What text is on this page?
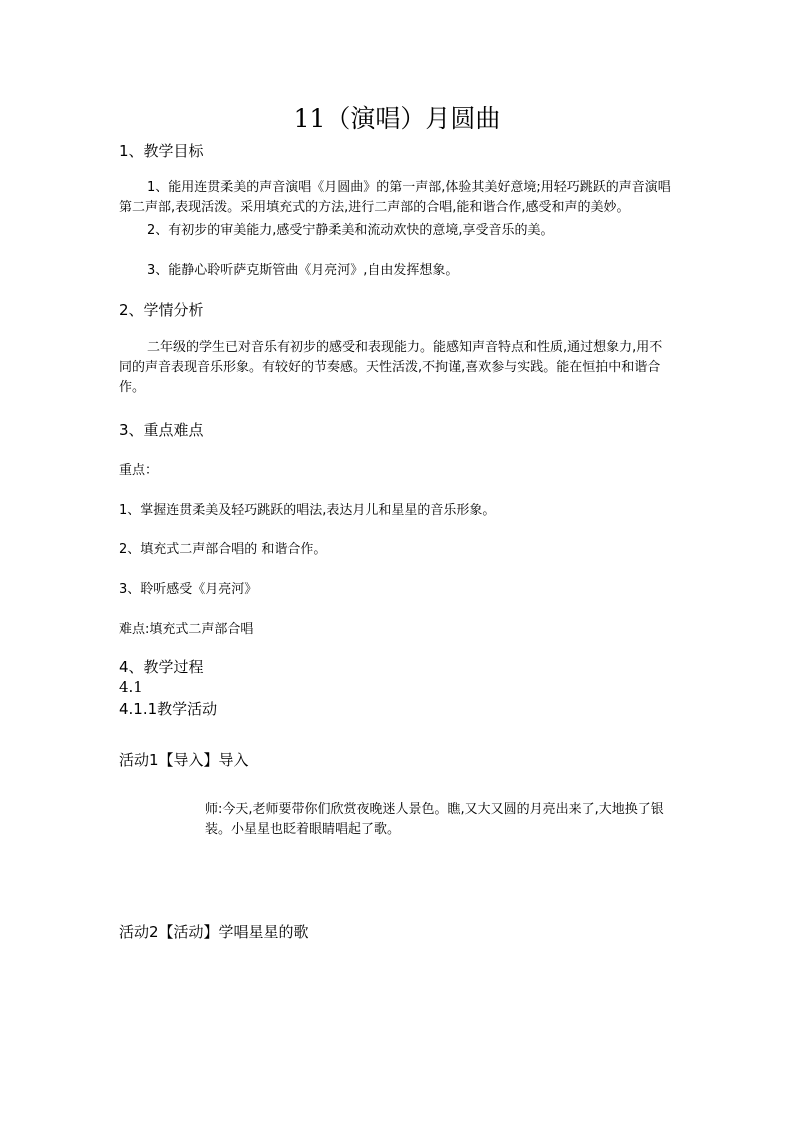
11（演唱）月圆曲
1、教学目标
1、能用连贯柔美的声音演唱《月圆曲》的第一声部,体验其美好意境;用轻巧跳跃的声音演唱第二声部,表现活泼。采用填充式的方法,进行二声部的合唱,能和谐合作,感受和声的美妙。
2、有初步的审美能力,感受宁静柔美和流动欢快的意境,享受音乐的美。
3、能静心聆听萨克斯管曲《月亮河》,自由发挥想象。
2、学情分析
二年级的学生已对音乐有初步的感受和表现能力。能感知声音特点和性质,通过想象力,用不同的声音表现音乐形象。有较好的节奏感。天性活泼,不拘谨,喜欢参与实践。能在恒拍中和谐合作。
3、重点难点
重点：
1、掌握连贯柔美及轻巧跳跃的唱法,表达月儿和星星的音乐形象。
2、填充式二声部合唱的 和谐合作。
3、聆听感受《月亮河》
难点:填充式二声部合唱
4、教学过程
4.1
4.1.1教学活动
活动1【导入】导入
师:今天,老师要带你们欣赏夜晚迷人景色。瞧,又大又圆的月亮出来了,大地换了银装。小星星也眨着眼睛唱起了歌。
活动2【活动】学唱星星的歌
